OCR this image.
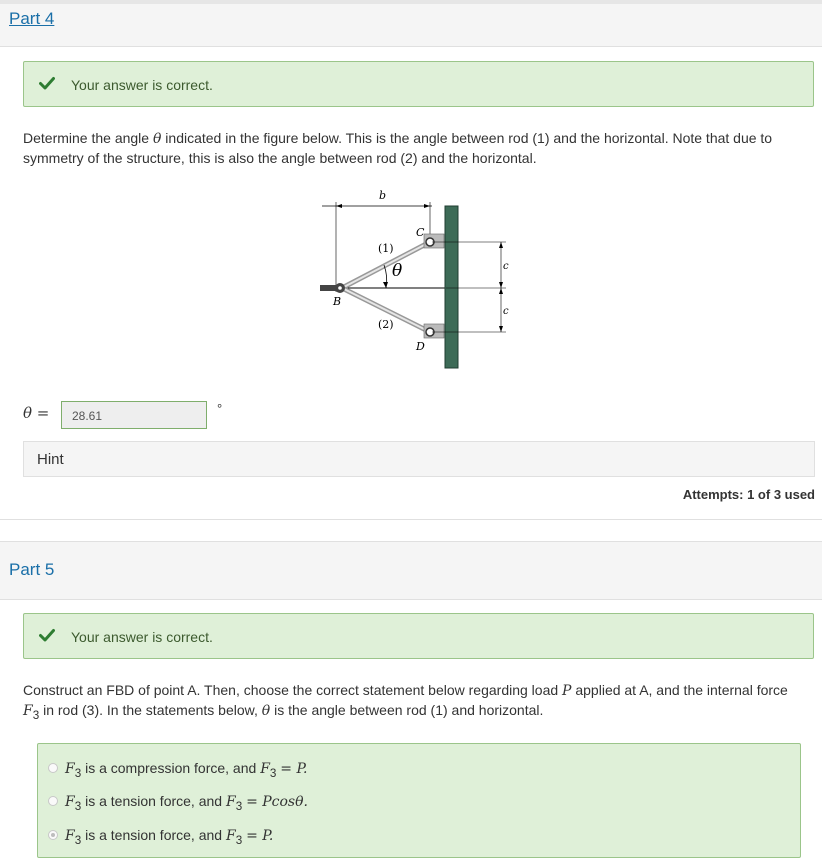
Part 4
Your answer is correct.
Determine the angle θ indicated in the figure below. This is the angle between rod (1) and the horizontal. Note that due to symmetry of the structure, this is also the angle between rod (2) and the horizontal.
b
C
(1)
θ
B
(2)
D
c
c
θ =	28.61	°
Hint
Attempts: 1 of 3 used
Part 5
Your answer is correct.
Construct an FBD of point A. Then, choose the correct statement below regarding load P applied at A, and the internal force $F_3$ in rod (3). In the statements below, θ is the angle between rod (1) and horizontal.
$F_3$ is a compression force, and $F_3 = P$.
$F_3$ is a tension force, and $F_3 = Pcos\theta$.
$F_3$ is a tension force, and $F_3 = P$.
